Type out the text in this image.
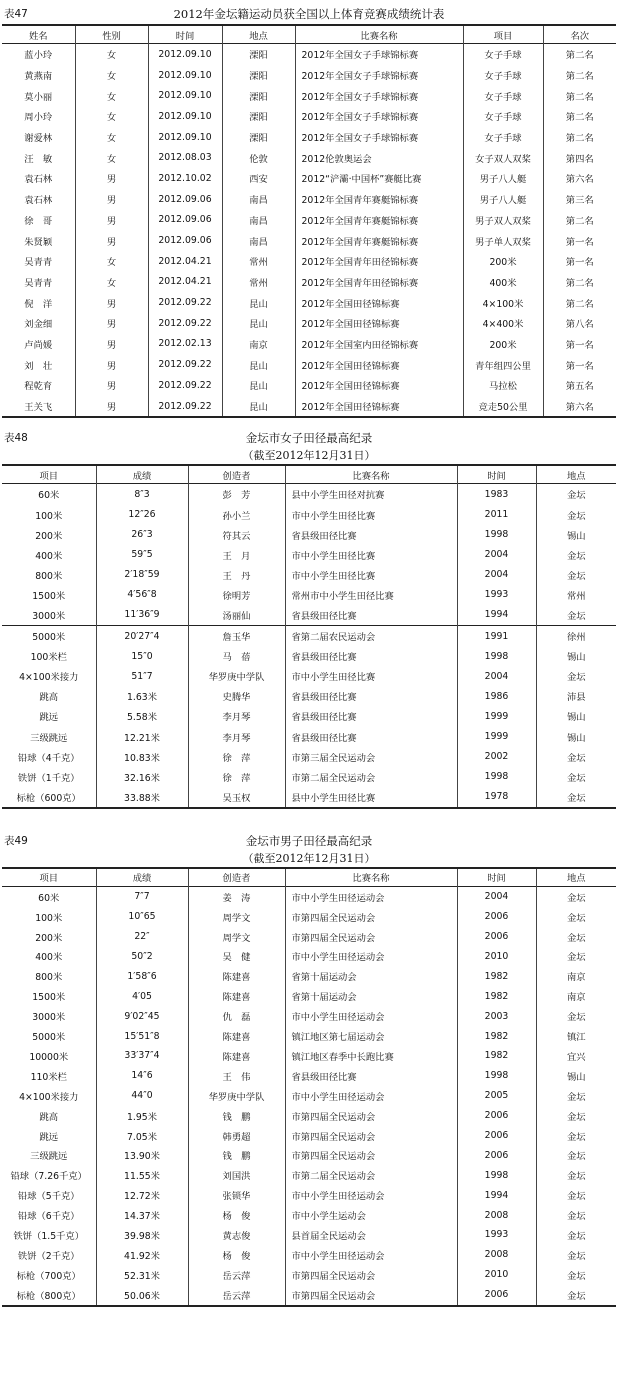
表47	2012年金坛籍运动员获全国以上体育竞赛成绩统计表
姓名	性别	时间	地点	比赛名称	项目	名次
蓝小玲	女	2012.09.10	溧阳	2012年全国女子手球锦标赛	女子手球	第二名
黄燕南	女	2012.09.10	溧阳	2012年全国女子手球锦标赛	女子手球	第二名
莫小丽	女	2012.09.10	溧阳	2012年全国女子手球锦标赛	女子手球	第二名
周小玲	女	2012.09.10	溧阳	2012年全国女子手球锦标赛	女子手球	第二名
谢爱林	女	2012.09.10	溧阳	2012年全国女子手球锦标赛	女子手球	第二名
汪　敏	女	2012.08.03	伦敦	2012伦敦奥运会	女子双人双桨	第四名
袁石林	男	2012.10.02	西安	2012“浐灞·中国杯”赛艇比赛	男子八人艇	第六名
袁石林	男	2012.09.06	南昌	2012年全国青年赛艇锦标赛	男子八人艇	第三名
徐　哥	男	2012.09.06	南昌	2012年全国青年赛艇锦标赛	男子双人双桨	第二名
朱贤颖	男	2012.09.06	南昌	2012年全国青年赛艇锦标赛	男子单人双桨	第一名
吴青青	女	2012.04.21	常州	2012年全国青年田径锦标赛	200米	第一名
吴青青	女	2012.04.21	常州	2012年全国青年田径锦标赛	400米	第二名
倪　洋	男	2012.09.22	昆山	2012年全国田径锦标赛	4×100米	第二名
刘金细	男	2012.09.22	昆山	2012年全国田径锦标赛	4×400米	第八名
卢尚媛	男	2012.02.13	南京	2012年全国室内田径锦标赛	200米	第一名
刘　壮	男	2012.09.22	昆山	2012年全国田径锦标赛	青年组四公里	第一名
程乾育	男	2012.09.22	昆山	2012年全国田径锦标赛	马拉松	第五名
王关飞	男	2012.09.22	昆山	2012年全国田径锦标赛	竞走50公里	第六名
表48	金坛市女子田径最高纪录
（截至2012年12月31日）
项目	成绩	创造者	比赛名称	时间	地点
60米	8″3	彭　芳	县中小学生田径对抗赛	1983	金坛
100米	12″26	孙小兰	市中小学生田径比赛	2011	金坛
200米	26″3	符其云	省县级田径比赛	1998	锡山
400米	59″5	王　月	市中小学生田径比赛	2004	金坛
800米	2′18″59	王　丹	市中小学生田径比赛	2004	金坛
1500米	4′56″8	徐明芳	常州市中小学生田径比赛	1993	常州
3000米	11′36″9	汤丽仙	省县级田径比赛	1994	金坛
5000米	20′27″4	詹玉华	省第二届农民运动会	1991	徐州
100米栏	15″0	马　蓓	省县级田径比赛	1998	锡山
4×100米接力	51″7	华罗庚中学队	市中小学生田径比赛	2004	金坛
跳高	1.63米	史腾华	省县级田径比赛	1986	沛县
跳远	5.58米	李月琴	省县级田径比赛	1999	锡山
三级跳远	12.21米	李月琴	省县级田径比赛	1999	锡山
铅球（4千克）	10.83米	徐　萍	市第三届全民运动会	2002	金坛
铁饼（1千克）	32.16米	徐　萍	市第二届全民运动会	1998	金坛
标枪（600克）	33.88米	吴玉权	县中小学生田径比赛	1978	金坛
表49	金坛市男子田径最高纪录
（截至2012年12月31日）
项目	成绩	创造者	比赛名称	时间	地点
60米	7″7	姜　涛	市中小学生田径运动会	2004	金坛
100米	10″65	周学文	市第四届全民运动会	2006	金坛
200米	22″	周学文	市第四届全民运动会	2006	金坛
400米	50″2	吴　健	市中小学生田径运动会	2010	金坛
800米	1′58″6	陈建喜	省第十届运动会	1982	南京
1500米	4′05	陈建喜	省第十届运动会	1982	南京
3000米	9′02″45	仇　磊	市中小学生田径运动会	2003	金坛
5000米	15′51″8	陈建喜	镇江地区第七届运动会	1982	镇江
10000米	33′37″4	陈建喜	镇江地区春季中长跑比赛	1982	宜兴
110米栏	14″6	王　伟	省县级田径比赛	1998	锡山
4×100米接力	44″0	华罗庚中学队	市中小学生田径运动会	2005	金坛
跳高	1.95米	钱　鹏	市第四届全民运动会	2006	金坛
跳远	7.05米	韩勇超	市第四届全民运动会	2006	金坛
三级跳远	13.90米	钱　鹏	市第四届全民运动会	2006	金坛
铅球（7.26千克）	11.55米	刘国洪	市第二届全民运动会	1998	金坛
铅球（5千克）	12.72米	张锁华	市中小学生田径运动会	1994	金坛
铅球（6千克）	14.37米	杨　俊	市中小学生运动会	2008	金坛
铁饼（1.5千克）	39.98米	黄志俊	县首届全民运动会	1993	金坛
铁饼（2千克）	41.92米	杨　俊	市中小学生田径运动会	2008	金坛
标枪（700克）	52.31米	岳云萍	市第四届全民运动会	2010	金坛
标枪（800克）	50.06米	岳云萍	市第四届全民运动会	2006	金坛
